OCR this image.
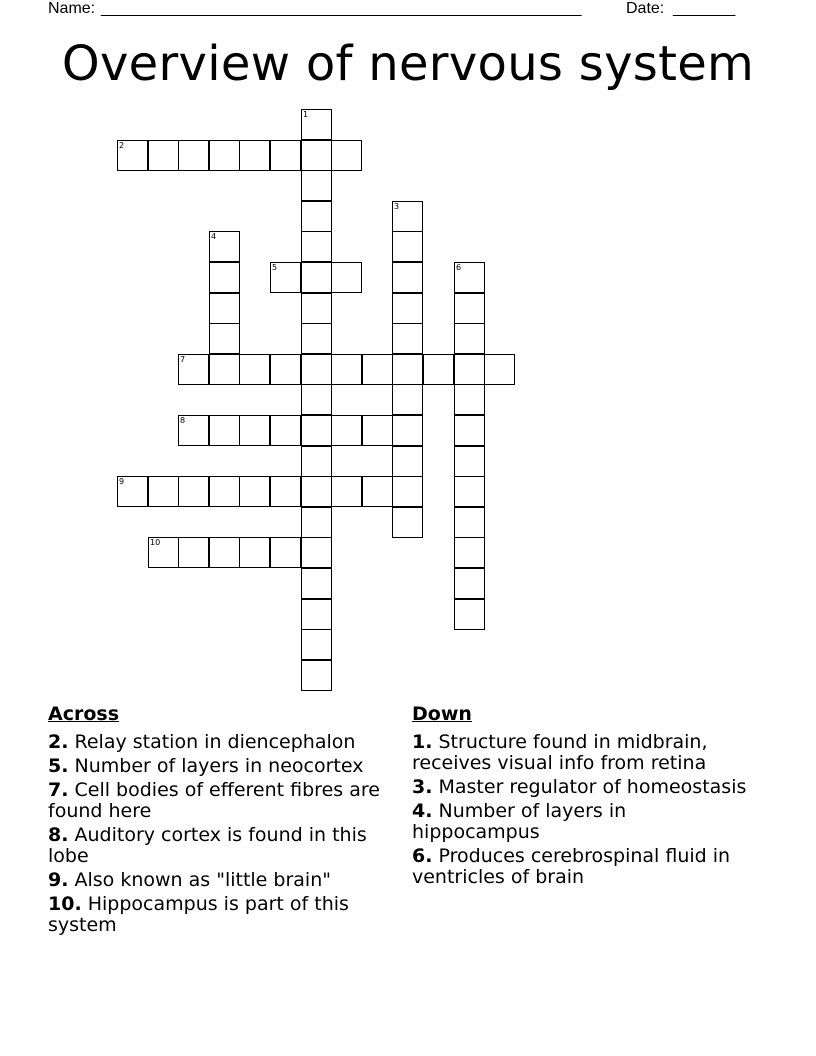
Name: ______________________________________________________	Date: _______
Overview of nervous system
1
2
3
4
5	6
7
8
9
10
Across
2. Relay station in diencephalon
5. Number of layers in neocortex
7. Cell bodies of efferent fibres are found here
8. Auditory cortex is found in this lobe
9. Also known as "little brain"
10. Hippocampus is part of this system
Down
1. Structure found in midbrain, receives visual info from retina
3. Master regulator of homeostasis
4. Number of layers in hippocampus
6. Produces cerebrospinal fluid in ventricles of brain
